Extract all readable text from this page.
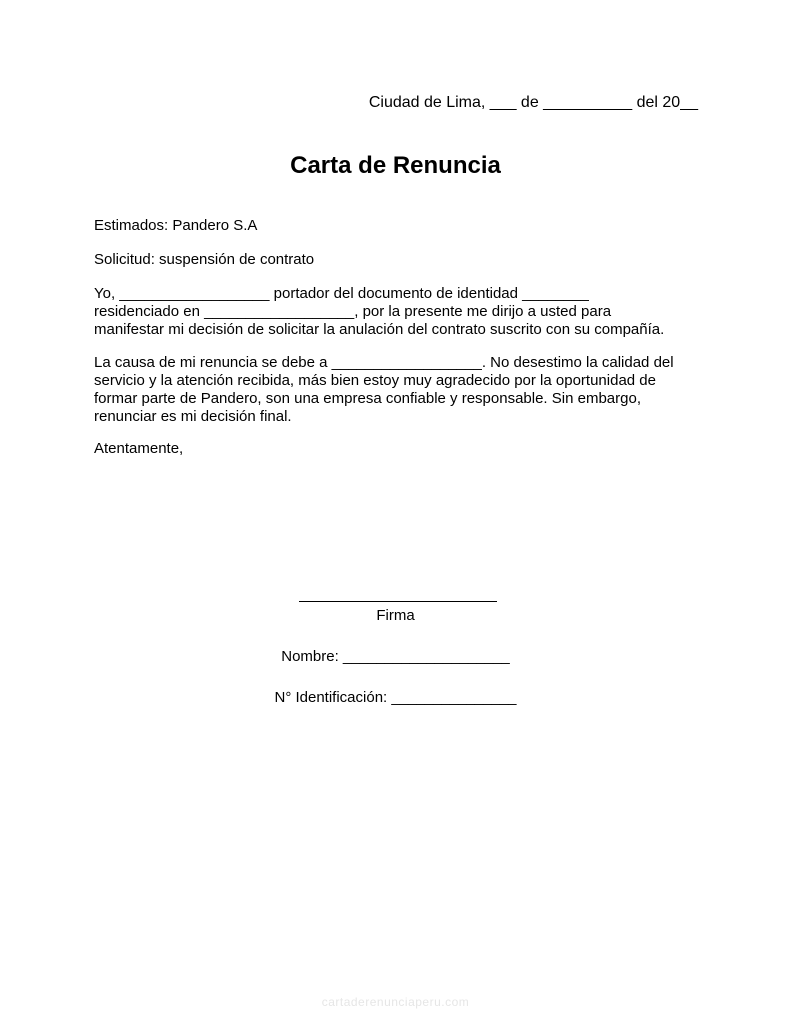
Ciudad de Lima, ___ de __________ del 20__
Carta de Renuncia
Estimados: Pandero S.A
Solicitud: suspensión de contrato
Yo, __________________ portador del documento de identidad ________
residenciado en __________________, por la presente me dirijo a usted para
manifestar mi decisión de solicitar la anulación del contrato suscrito con su compañía.
La causa de mi renuncia se debe a __________________. No desestimo la calidad del
servicio y la atención recibida, más bien estoy muy agradecido por la oportunidad de
formar parte de Pandero, son una empresa confiable y responsable. Sin embargo,
renunciar es mi decisión final.
Atentamente,
Firma
Nombre: ____________________
N° Identificación: _______________
cartaderenunciaperu.com
